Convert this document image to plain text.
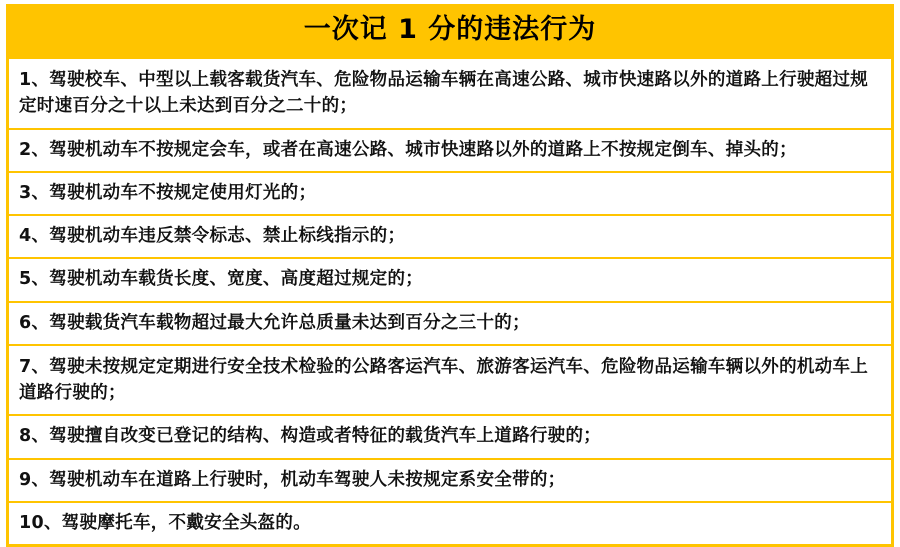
一次记 1 分的违法行为
1、驾驶校车、中型以上载客载货汽车、危险物品运输车辆在高速公路、城市快速路以外的道路上行驶超过规定时速百分之十以上未达到百分之二十的；
2、驾驶机动车不按规定会车，或者在高速公路、城市快速路以外的道路上不按规定倒车、掉头的；
3、驾驶机动车不按规定使用灯光的；
4、驾驶机动车违反禁令标志、禁止标线指示的；
5、驾驶机动车载货长度、宽度、高度超过规定的；
6、驾驶载货汽车载物超过最大允许总质量未达到百分之三十的；
7、驾驶未按规定定期进行安全技术检验的公路客运汽车、旅游客运汽车、危险物品运输车辆以外的机动车上道路行驶的；
8、驾驶擅自改变已登记的结构、构造或者特征的载货汽车上道路行驶的；
9、驾驶机动车在道路上行驶时，机动车驾驶人未按规定系安全带的；
10、驾驶摩托车，不戴安全头盔的。
